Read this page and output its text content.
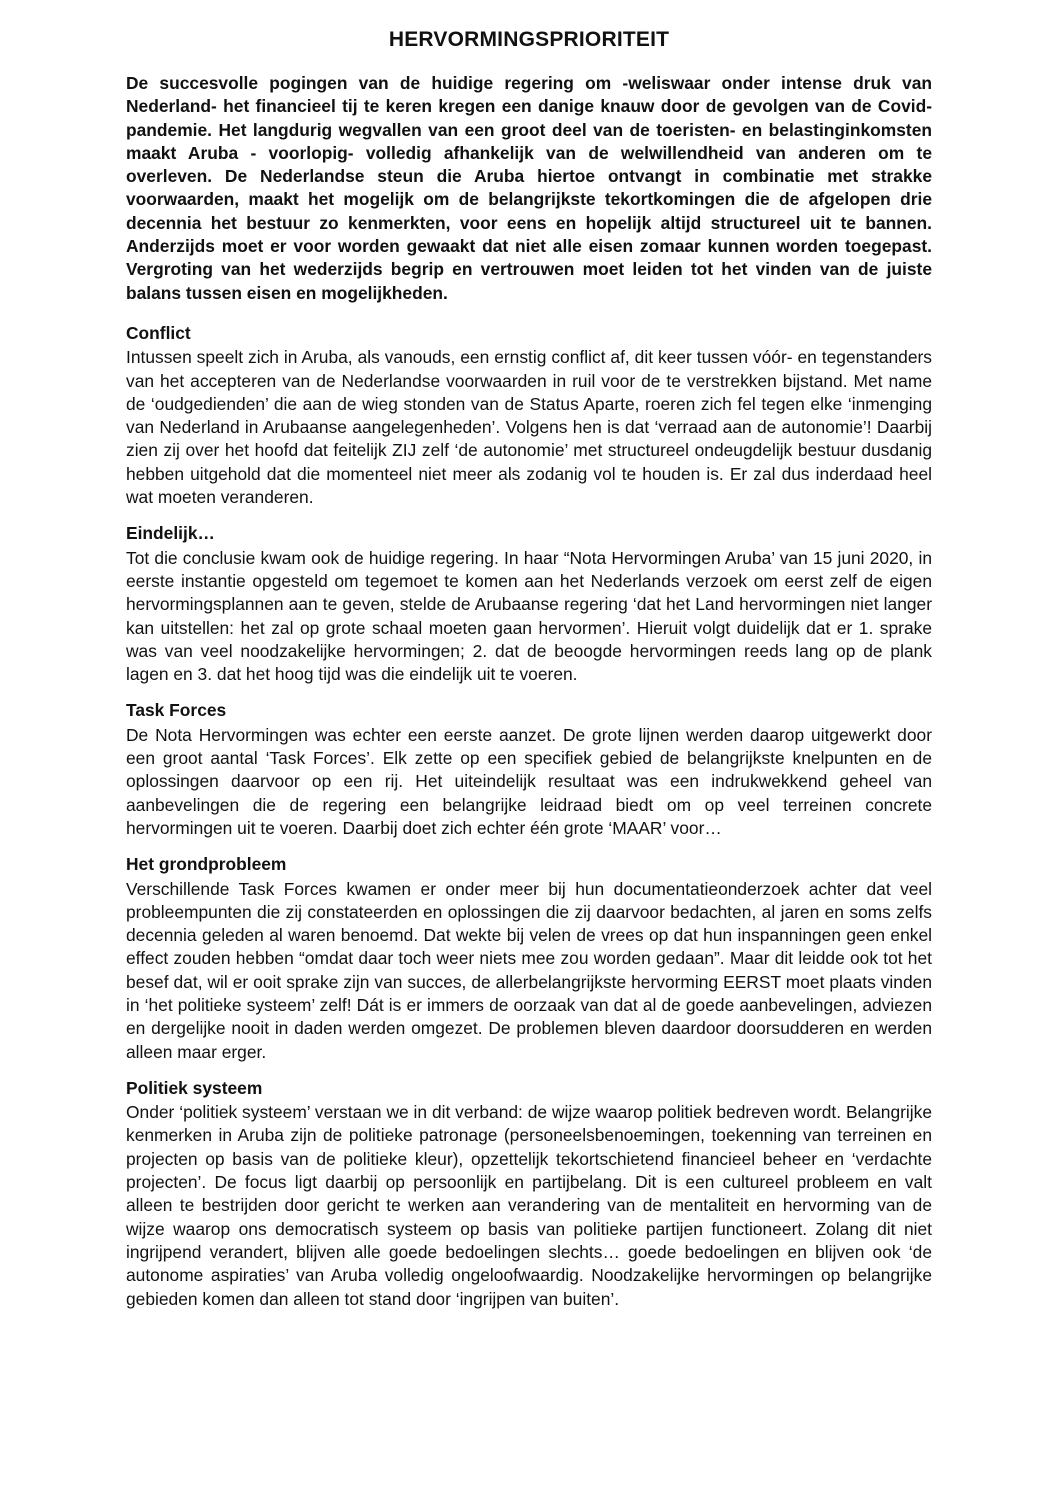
HERVORMINGSPRIORITEIT

De succesvolle pogingen van de huidige regering om -weliswaar onder intense druk van Nederland- het financieel tij te keren kregen een danige knauw door de gevolgen van de Covid-pandemie. Het langdurig wegvallen van een groot deel van de toeristen- en belastinginkomsten maakt Aruba - voorlopig- volledig afhankelijk van de welwillendheid van anderen om te overleven. De Nederlandse steun die Aruba hiertoe ontvangt in combinatie met strakke voorwaarden, maakt het mogelijk om de belangrijkste tekortkomingen die de afgelopen drie decennia het bestuur zo kenmerkten, voor eens en hopelijk altijd structureel uit te bannen. Anderzijds moet er voor worden gewaakt dat niet alle eisen zomaar kunnen worden toegepast. Vergroting van het wederzijds begrip en vertrouwen moet leiden tot het vinden van de juiste balans tussen eisen en mogelijkheden.

Conflict

Intussen speelt zich in Aruba, als vanouds, een ernstig conflict af, dit keer tussen vóór- en tegenstanders van het accepteren van de Nederlandse voorwaarden in ruil voor de te verstrekken bijstand. Met name de ‘oudgedienden’ die aan de wieg stonden van de Status Aparte, roeren zich fel tegen elke ‘inmenging van Nederland in Arubaanse aangelegenheden’. Volgens hen is dat ‘verraad aan de autonomie’! Daarbij zien zij over het hoofd dat feitelijk ZIJ zelf ‘de autonomie’ met structureel ondeugdelijk bestuur dusdanig hebben uitgehold dat die momenteel niet meer als zodanig vol te houden is. Er zal dus inderdaad heel wat moeten veranderen.

Eindelijk…

Tot die conclusie kwam ook de huidige regering. In haar “Nota Hervormingen Aruba’ van 15 juni 2020, in eerste instantie opgesteld om tegemoet te komen aan het Nederlands verzoek om eerst zelf de eigen hervormingsplannen aan te geven, stelde de Arubaanse regering ‘dat het Land hervormingen niet langer kan uitstellen: het zal op grote schaal moeten gaan hervormen’. Hieruit volgt duidelijk dat er 1. sprake was van veel noodzakelijke hervormingen; 2. dat de beoogde hervormingen reeds lang op de plank lagen en 3. dat het hoog tijd was die eindelijk uit te voeren.

Task Forces

De Nota Hervormingen was echter een eerste aanzet. De grote lijnen werden daarop uitgewerkt door een groot aantal ‘Task Forces’. Elk zette op een specifiek gebied de belangrijkste knelpunten en de oplossingen daarvoor op een rij. Het uiteindelijk resultaat was een indrukwekkend geheel van aanbevelingen die de regering een belangrijke leidraad biedt om op veel terreinen concrete hervormingen uit te voeren. Daarbij doet zich echter één grote ‘MAAR’ voor…

Het grondprobleem

Verschillende Task Forces kwamen er onder meer bij hun documentatieonderzoek achter dat veel probleempunten die zij constateerden en oplossingen die zij daarvoor bedachten, al jaren en soms zelfs decennia geleden al waren benoemd. Dat wekte bij velen de vrees op dat hun inspanningen geen enkel effect zouden hebben “omdat daar toch weer niets mee zou worden gedaan”. Maar dit leidde ook tot het besef dat, wil er ooit sprake zijn van succes, de allerbelangrijkste hervorming EERST moet plaats vinden in ‘het politieke systeem’ zelf! Dát is er immers de oorzaak van dat al de goede aanbevelingen, adviezen en dergelijke nooit in daden werden omgezet. De problemen bleven daardoor doorsudderen en werden alleen maar erger.

Politiek systeem

Onder ‘politiek systeem’ verstaan we in dit verband: de wijze waarop politiek bedreven wordt. Belangrijke kenmerken in Aruba zijn de politieke patronage (personeelsbenoemingen, toekenning van terreinen en projecten op basis van de politieke kleur), opzettelijk tekortschietend financieel beheer en ‘verdachte projecten’. De focus ligt daarbij op persoonlijk en partijbelang. Dit is een cultureel probleem en valt alleen te bestrijden door gericht te werken aan verandering van de mentaliteit en hervorming van de wijze waarop ons democratisch systeem op basis van politieke partijen functioneert. Zolang dit niet ingrijpend verandert, blijven alle goede bedoelingen slechts… goede bedoelingen en blijven ook ‘de autonome aspiraties’ van Aruba volledig ongeloofwaardig. Noodzakelijke hervormingen op belangrijke gebieden komen dan alleen tot stand door ‘ingrijpen van buiten’.
